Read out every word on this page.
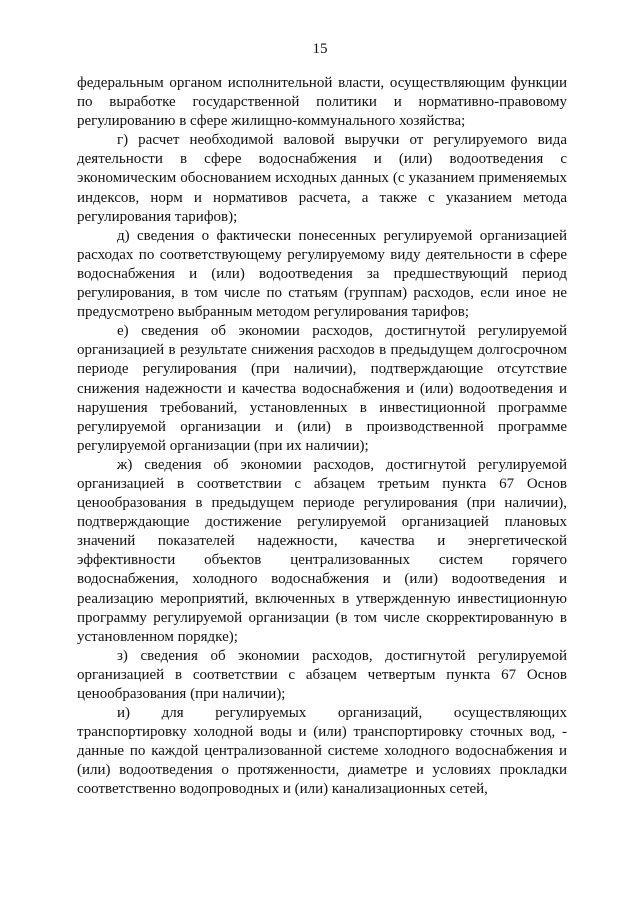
15

федеральным органом исполнительной власти, осуществляющим функции по выработке государственной политики и нормативно-правовому регулированию в сфере жилищно-коммунального хозяйства;

г) расчет необходимой валовой выручки от регулируемого вида деятельности в сфере водоснабжения и (или) водоотведения с экономическим обоснованием исходных данных (с указанием применяемых индексов, норм и нормативов расчета, а также с указанием метода регулирования тарифов);

д) сведения о фактически понесенных регулируемой организацией расходах по соответствующему регулируемому виду деятельности в сфере водоснабжения и (или) водоотведения за предшествующий период регулирования, в том числе по статьям (группам) расходов, если иное не предусмотрено выбранным методом регулирования тарифов;

е) сведения об экономии расходов, достигнутой регулируемой организацией в результате снижения расходов в предыдущем долгосрочном периоде регулирования (при наличии), подтверждающие отсутствие снижения надежности и качества водоснабжения и (или) водоотведения и нарушения требований, установленных в инвестиционной программе регулируемой организации и (или) в производственной программе регулируемой организации (при их наличии);

ж) сведения об экономии расходов, достигнутой регулируемой организацией в соответствии с абзацем третьим пункта 67 Основ ценообразования в предыдущем периоде регулирования (при наличии), подтверждающие достижение регулируемой организацией плановых значений показателей надежности, качества и энергетической эффективности объектов централизованных систем горячего водоснабжения, холодного водоснабжения и (или) водоотведения и реализацию мероприятий, включенных в утвержденную инвестиционную программу регулируемой организации (в том числе скорректированную в установленном порядке);

з) сведения об экономии расходов, достигнутой регулируемой организацией в соответствии с абзацем четвертым пункта 67 Основ ценообразования (при наличии);

и) для регулируемых организаций, осуществляющих транспортировку холодной воды и (или) транспортировку сточных вод, - данные по каждой централизованной системе холодного водоснабжения и (или) водоотведения о протяженности, диаметре и условиях прокладки соответственно водопроводных и (или) канализационных сетей,
